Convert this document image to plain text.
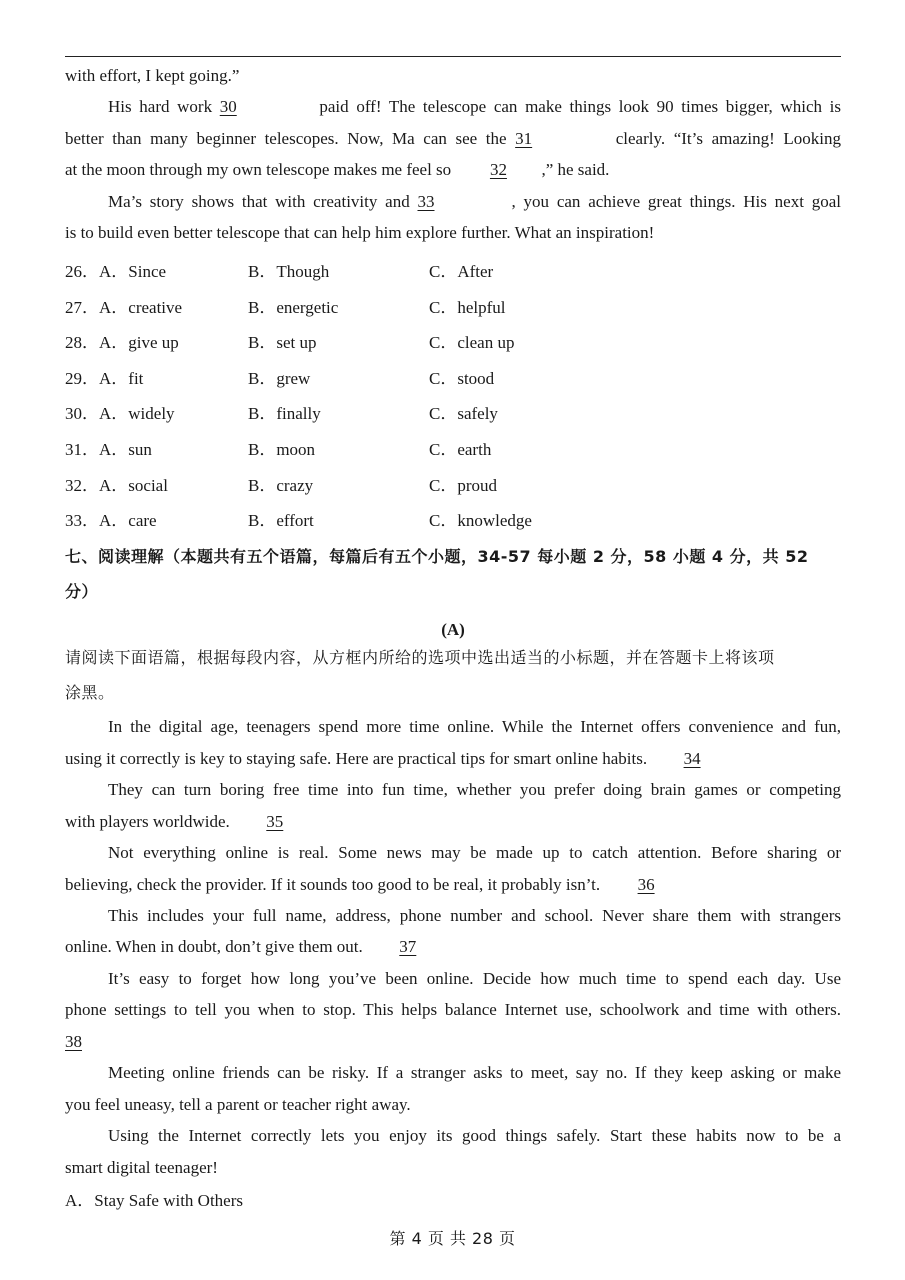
with effort, I kept going.”
His hard work 30	paid off! The telescope can make things look 90 times bigger, which is
better than many beginner telescopes. Now, Ma can see the 31	clearly. “It’s amazing! Looking
at the moon through my own telescope makes me feel so 32 ,” he said.
Ma’s story shows that with creativity and 33	, you can achieve great things. His next goal
is to build even better telescope that can help him explore further. What an inspiration!
26．A．Since	B．Though	C．After
27．A．creative	B．energetic	C．helpful
28．A．give up	B．set up	C．clean up
29．A．fit	B．grew	C．stood
30．A．widely	B．finally	C．safely
31．A．sun	B．moon	C．earth
32．A．social	B．crazy	C．proud
33．A．care	B．effort	C．knowledge
七、阅读理解（本题共有五个语篇，每篇后有五个小题，34-57 每小题 2 分，58 小题 4 分，共 52
分）
(A)
请阅读下面语篇，根据每段内容，从方框内所给的选项中选出适当的小标题，并在答题卡上将该项
涂黑。
In the digital age, teenagers spend more time online. While the Internet offers convenience and fun,
using it correctly is key to staying safe. Here are practical tips for smart online habits. 34
They can turn boring free time into fun time, whether you prefer doing brain games or competing
with players worldwide. 35
Not everything online is real. Some news may be made up to catch attention. Before sharing or
believing, check the provider. If it sounds too good to be real, it probably isn’t. 36
This includes your full name, address, phone number and school. Never share them with strangers
online. When in doubt, don’t give them out. 37
It’s easy to forget how long you’ve been online. Decide how much time to spend each day. Use
phone settings to tell you when to stop. This helps balance Internet use, schoolwork and time with others.
38
Meeting online friends can be risky. If a stranger asks to meet, say no. If they keep asking or make
you feel uneasy, tell a parent or teacher right away.
Using the Internet correctly lets you enjoy its good things safely. Start these habits now to be a
smart digital teenager!
A．Stay Safe with Others
第 4 页 共 28 页
